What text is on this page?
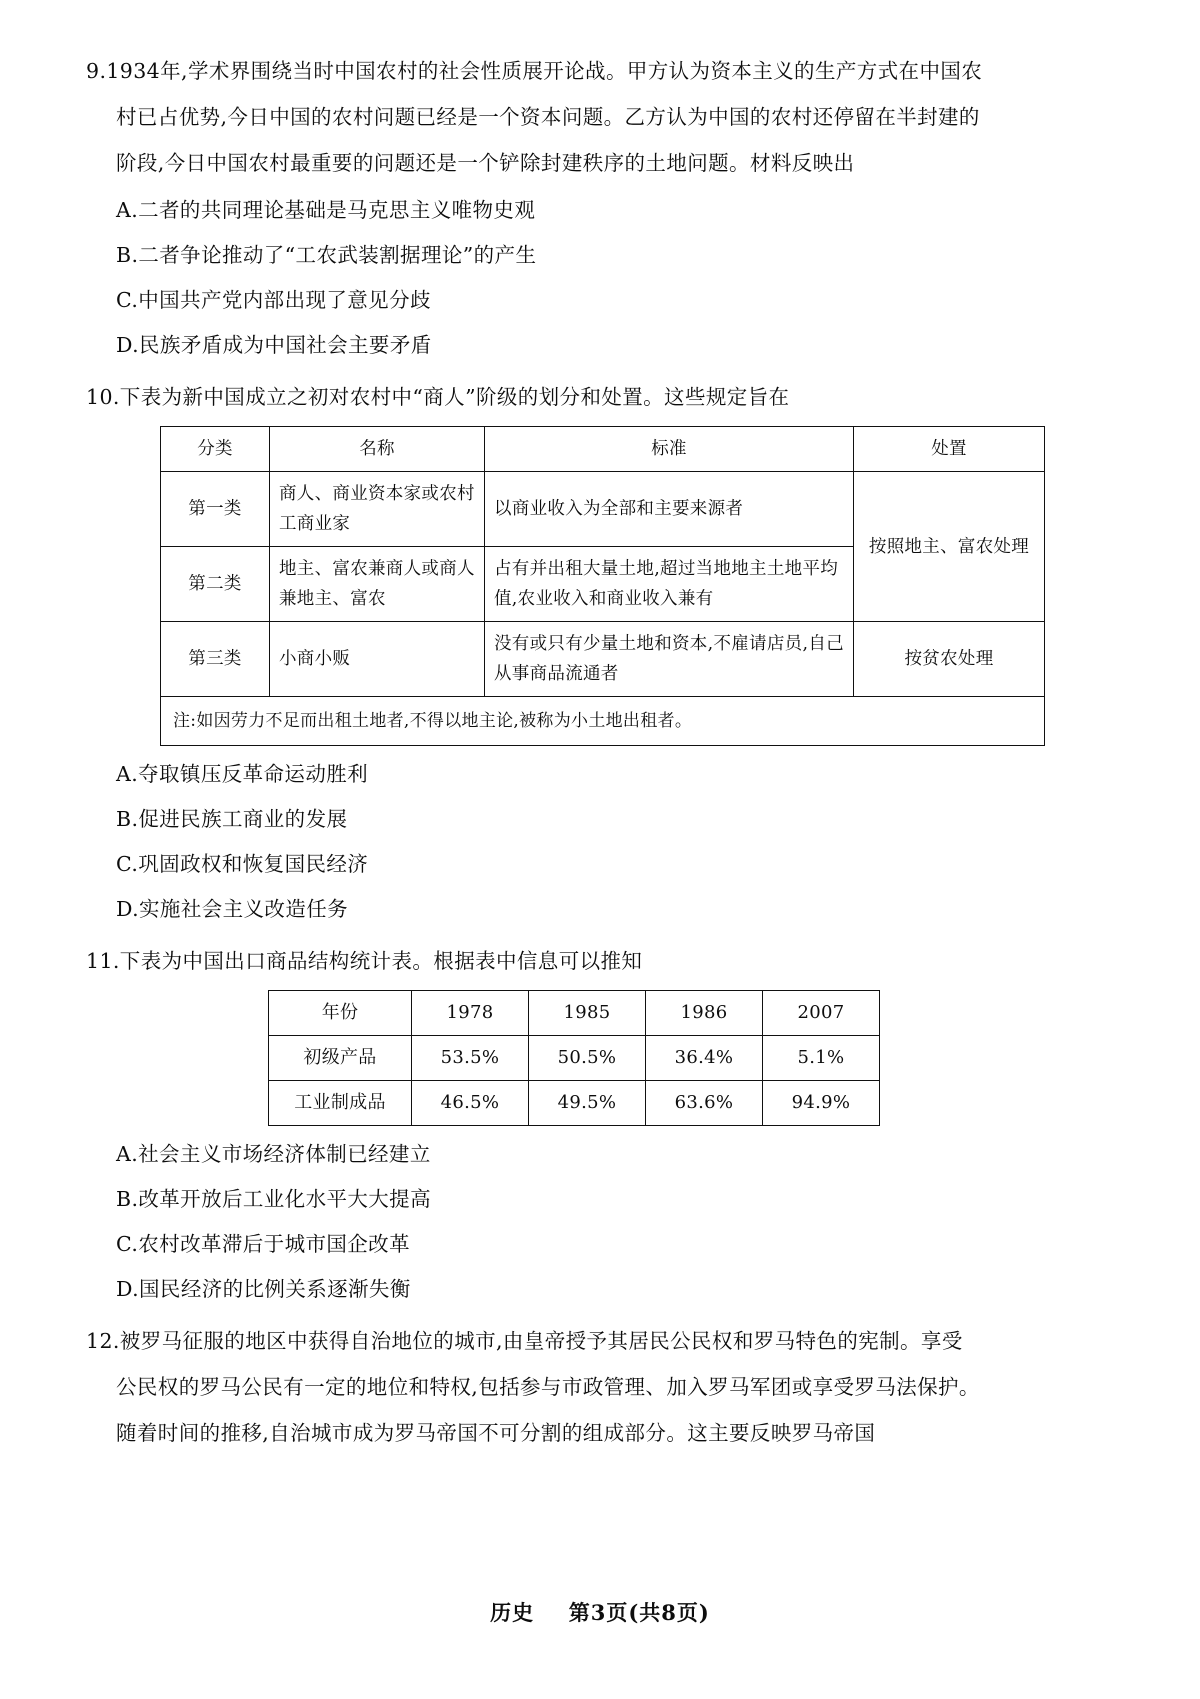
9.1934年,学术界围绕当时中国农村的社会性质展开论战。甲方认为资本主义的生产方式在中国农
村已占优势,今日中国的农村问题已经是一个资本问题。乙方认为中国的农村还停留在半封建的
阶段,今日中国农村最重要的问题还是一个铲除封建秩序的土地问题。材料反映出
A.二者的共同理论基础是马克思主义唯物史观
B.二者争论推动了“工农武装割据理论”的产生
C.中国共产党内部出现了意见分歧
D.民族矛盾成为中国社会主要矛盾
10.下表为新中国成立之初对农村中“商人”阶级的划分和处置。这些规定旨在
分类	名称	标准	处置
第一类	商人、商业资本家或农村工商业家	以商业收入为全部和主要来源者	按照地主、富农处理
第二类	地主、富农兼商人或商人兼地主、富农	占有并出租大量土地,超过当地地主土地平均值,农业收入和商业收入兼有	
第三类	小商小贩	没有或只有少量土地和资本,不雇请店员,自己从事商品流通者	按贫农处理
注:如因劳力不足而出租土地者,不得以地主论,被称为小土地出租者。			
A.夺取镇压反革命运动胜利
B.促进民族工商业的发展
C.巩固政权和恢复国民经济
D.实施社会主义改造任务
11.下表为中国出口商品结构统计表。根据表中信息可以推知
年份	1978	1985	1986	2007
初级产品	53.5%	50.5%	36.4%	5.1%
工业制成品	46.5%	49.5%	63.6%	94.9%
A.社会主义市场经济体制已经建立
B.改革开放后工业化水平大大提高
C.农村改革滞后于城市国企改革
D.国民经济的比例关系逐渐失衡
12.被罗马征服的地区中获得自治地位的城市,由皇帝授予其居民公民权和罗马特色的宪制。享受
公民权的罗马公民有一定的地位和特权,包括参与市政管理、加入罗马军团或享受罗马法保护。
随着时间的推移,自治城市成为罗马帝国不可分割的组成部分。这主要反映罗马帝国
历史 第3页(共8页)
